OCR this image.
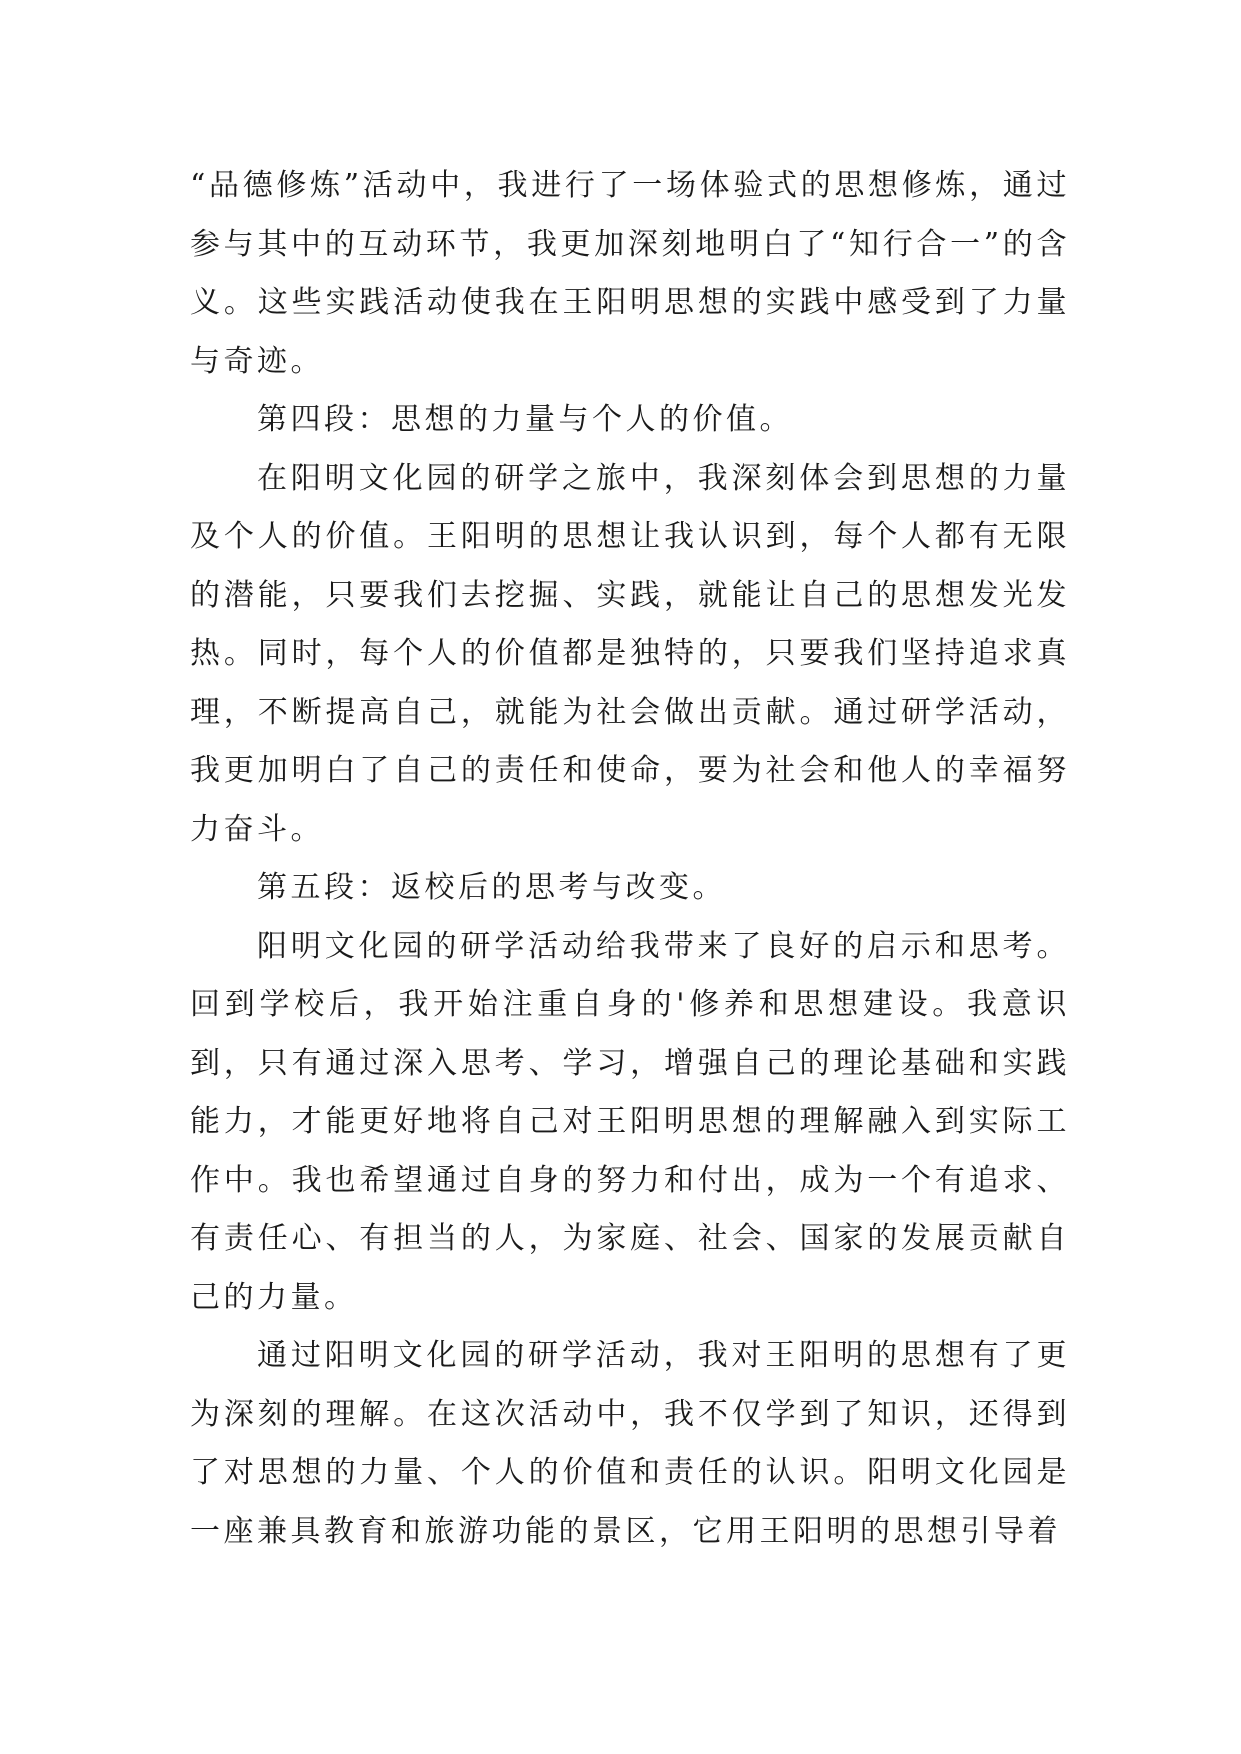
“品德修炼”活动中，我进行了一场体验式的思想修炼，通过参与其中的互动环节，我更加深刻地明白了“知行合一”的含义。这些实践活动使我在王阳明思想的实践中感受到了力量与奇迹。

第四段：思想的力量与个人的价值。

在阳明文化园的研学之旅中，我深刻体会到思想的力量及个人的价值。王阳明的思想让我认识到，每个人都有无限的潜能，只要我们去挖掘、实践，就能让自己的思想发光发热。同时，每个人的价值都是独特的，只要我们坚持追求真理，不断提高自己，就能为社会做出贡献。通过研学活动，我更加明白了自己的责任和使命，要为社会和他人的幸福努力奋斗。

第五段：返校后的思考与改变。

阳明文化园的研学活动给我带来了良好的启示和思考。回到学校后，我开始注重自身的'修养和思想建设。我意识到，只有通过深入思考、学习，增强自己的理论基础和实践能力，才能更好地将自己对王阳明思想的理解融入到实际工作中。我也希望通过自身的努力和付出，成为一个有追求、有责任心、有担当的人，为家庭、社会、国家的发展贡献自己的力量。

通过阳明文化园的研学活动，我对王阳明的思想有了更为深刻的理解。在这次活动中，我不仅学到了知识，还得到了对思想的力量、个人的价值和责任的认识。阳明文化园是一座兼具教育和旅游功能的景区，它用王阳明的思想引导着
